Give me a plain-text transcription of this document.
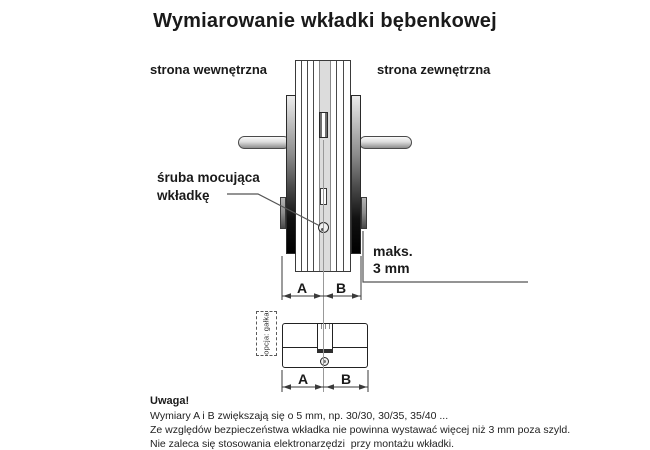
Wymiarowanie wkładki bębenkowej
strona wewnętrzna	strona zewnętrzna
śruba mocująca
wkładkę
maks.
3 mm
A	B
opcja: gałka
A	B
Uwaga!
Wymiary A i B zwiększają się o 5 mm, np. 30/30, 30/35, 35/40 ...
Ze względów bezpieczeństwa wkładka nie powinna wystawać więcej niż 3 mm poza szyld.
Nie zaleca się stosowania elektronarzędzi  przy montażu wkładki.
